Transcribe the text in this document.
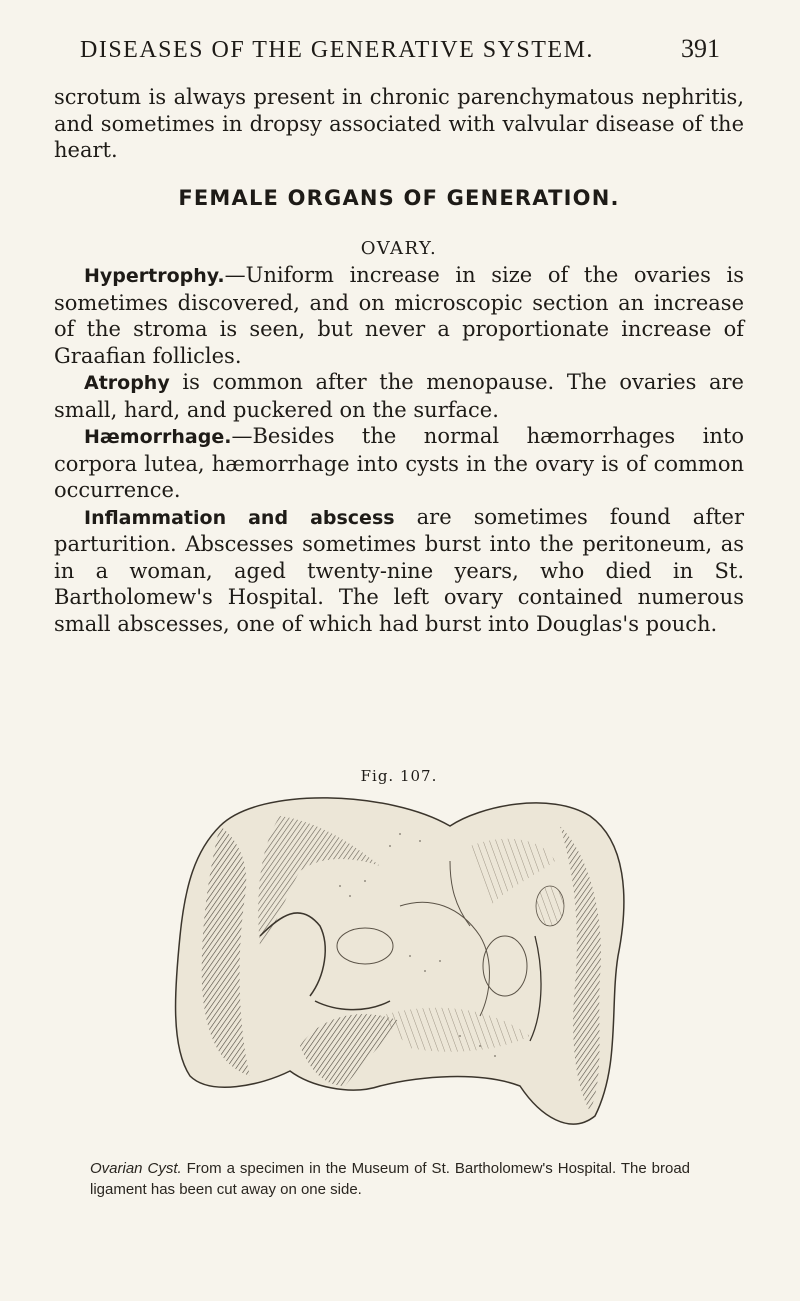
DISEASES OF THE GENERATIVE SYSTEM.	391

scrotum is always present in chronic parenchymatous nephritis, and sometimes in dropsy associated with valvular disease of the heart.

FEMALE ORGANS OF GENERATION.
OVARY.

Hypertrophy.—Uniform increase in size of the ovaries is sometimes discovered, and on microscopic section an increase of the stroma is seen, but never a proportionate increase of Graafian follicles.

Atrophy is common after the menopause. The ovaries are small, hard, and puckered on the surface.

Hæmorrhage.—Besides the normal hæmorrhages into corpora lutea, hæmorrhage into cysts in the ovary is of common occurrence.

Inflammation and abscess are sometimes found after parturition. Abscesses sometimes burst into the peritoneum, as in a woman, aged twenty-nine years, who died in St. Bartholomew's Hospital. The left ovary contained numerous small abscesses, one of which had burst into Douglas's pouch.

Fig. 107.
Ovarian Cyst. From a specimen in the Museum of St. Bartholomew's Hospital. The broad ligament has been cut away on one side.
